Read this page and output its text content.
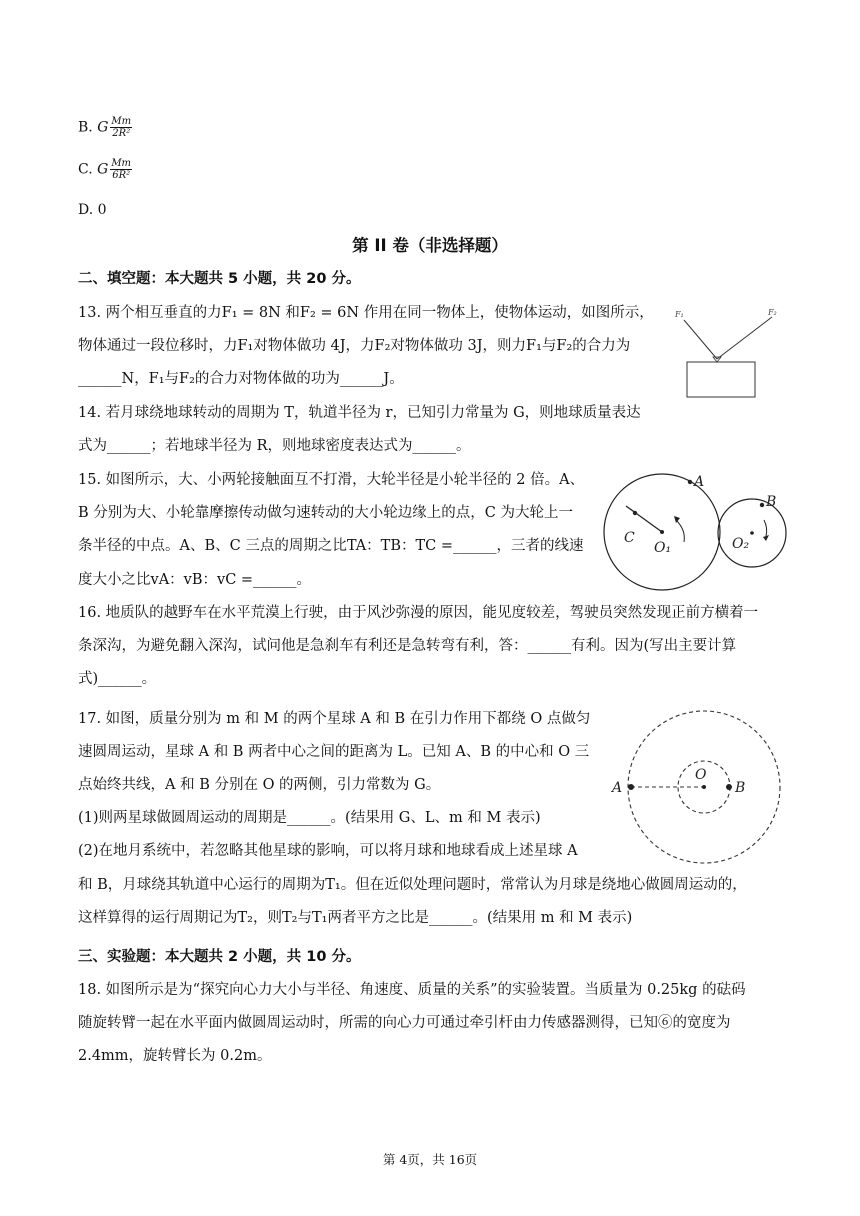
B. G $\frac{Mm}{\text{2R²}}$
C. G $\frac{Mm}{\text{6R²}}$
D. 0
第 II 卷（非选择题）
二、填空题：本大题共 5 小题，共 20 分。
13. 两个相互垂直的力F₁ = 8N 和F₂ = 6N 作用在同一物体上，使物体运动，如图所示，
物体通过一段位移时，力F₁对物体做功 4J，力F₂对物体做功 3J，则力F₁与F₂的合力为
______N，F₁与F₂的合力对物体做的功为______J。
F₁	F₂
14. 若月球绕地球转动的周期为 T，轨道半径为 r，已知引力常量为 G，则地球质量表达
式为______；若地球半径为 R，则地球密度表达式为______。
15. 如图所示，大、小两轮接触面互不打滑，大轮半径是小轮半径的 2 倍。A、
B 分别为大、小轮靠摩擦传动做匀速转动的大小轮边缘上的点，C 为大轮上一
条半径的中点。A、B、C 三点的周期之比TA：TB：TC =______，三者的线速
度大小之比vA：vB：vC =______。
A
B
C
O₁	O₂
16. 地质队的越野车在水平荒漠上行驶，由于风沙弥漫的原因，能见度较差，驾驶员突然发现正前方横着一
条深沟，为避免翻入深沟，试问他是急刹车有利还是急转弯有利，答：______有利。因为(写出主要计算
式)______。
17. 如图，质量分别为 m 和 M 的两个星球 A 和 B 在引力作用下都绕 O 点做匀
速圆周运动，星球 A 和 B 两者中心之间的距离为 L。已知 A、B 的中心和 O 三
点始终共线，A 和 B 分别在 O 的两侧，引力常数为 G。
(1)则两星球做圆周运动的周期是______。(结果用 G、L、m 和 M 表示)
(2)在地月系统中，若忽略其他星球的影响，可以将月球和地球看成上述星球 A
和 B，月球绕其轨道中心运行的周期为T₁。但在近似处理问题时，常常认为月球是绕地心做圆周运动的，
这样算得的运行周期记为T₂，则T₂与T₁两者平方之比是______。(结果用 m 和 M 表示)
A	B
O
三、实验题：本大题共 2 小题，共 10 分。
18. 如图所示是为“探究向心力大小与半径、角速度、质量的关系”的实验装置。当质量为 0.25kg 的砝码
随旋转臂一起在水平面内做圆周运动时，所需的向心力可通过牵引杆由力传感器测得，已知⑥的宽度为
2.4mm，旋转臂长为 0.2m。
第 4页，共 16页
